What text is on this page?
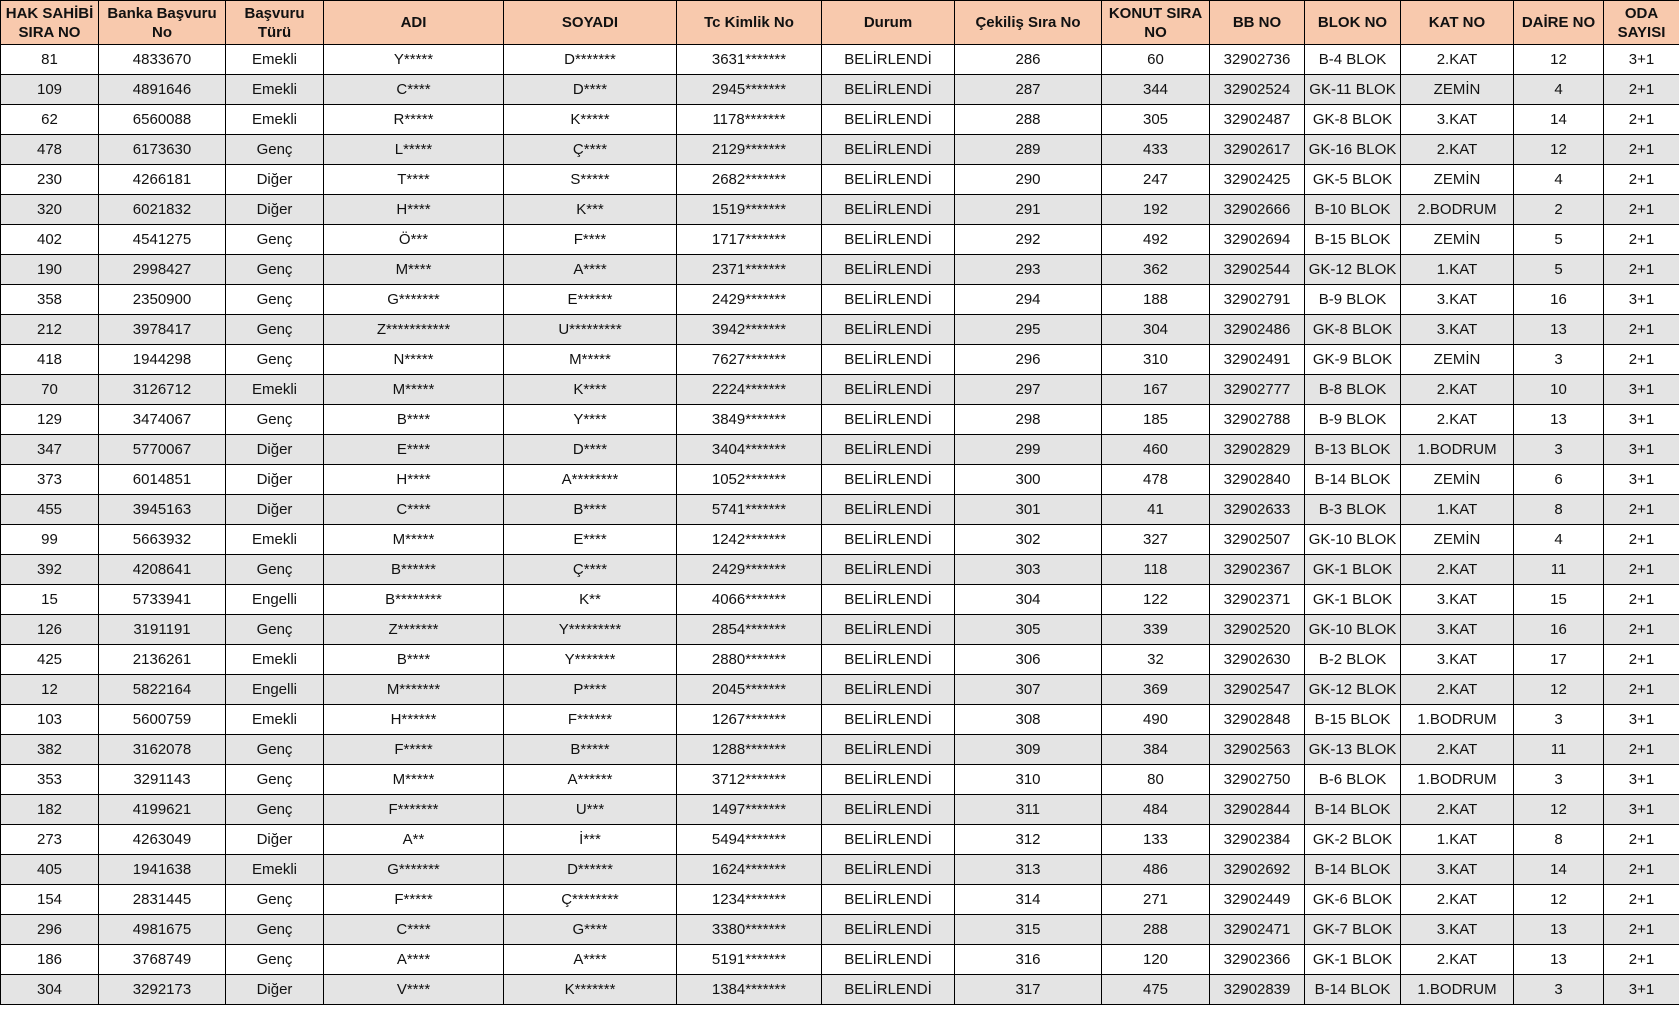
HAK SAHİBİ SIRA NO	Banka Başvuru No	Başvuru Türü	ADI	SOYADI	Tc Kimlik No	Durum	Çekiliş Sıra No	KONUT SIRA NO	BB NO	BLOK NO	KAT NO	DAİRE NO	ODA SAYISI
81	4833670	Emekli	Y*****	D*******	3631*******	BELİRLENDİ	286	60	32902736	B-4 BLOK	2.KAT	12	3+1
109	4891646	Emekli	C****	D****	2945*******	BELİRLENDİ	287	344	32902524	GK-11 BLOK	ZEMİN	4	2+1
62	6560088	Emekli	R*****	K*****	1178*******	BELİRLENDİ	288	305	32902487	GK-8 BLOK	3.KAT	14	2+1
478	6173630	Genç	L*****	Ç****	2129*******	BELİRLENDİ	289	433	32902617	GK-16 BLOK	2.KAT	12	2+1
230	4266181	Diğer	T****	S*****	2682*******	BELİRLENDİ	290	247	32902425	GK-5 BLOK	ZEMİN	4	2+1
320	6021832	Diğer	H****	K***	1519*******	BELİRLENDİ	291	192	32902666	B-10 BLOK	2.BODRUM	2	2+1
402	4541275	Genç	Ö***	F****	1717*******	BELİRLENDİ	292	492	32902694	B-15 BLOK	ZEMİN	5	2+1
190	2998427	Genç	M****	A****	2371*******	BELİRLENDİ	293	362	32902544	GK-12 BLOK	1.KAT	5	2+1
358	2350900	Genç	G*******	E******	2429*******	BELİRLENDİ	294	188	32902791	B-9 BLOK	3.KAT	16	3+1
212	3978417	Genç	Z***********	U*********	3942*******	BELİRLENDİ	295	304	32902486	GK-8 BLOK	3.KAT	13	2+1
418	1944298	Genç	N*****	M*****	7627*******	BELİRLENDİ	296	310	32902491	GK-9 BLOK	ZEMİN	3	2+1
70	3126712	Emekli	M*****	K****	2224*******	BELİRLENDİ	297	167	32902777	B-8 BLOK	2.KAT	10	3+1
129	3474067	Genç	B****	Y****	3849*******	BELİRLENDİ	298	185	32902788	B-9 BLOK	2.KAT	13	3+1
347	5770067	Diğer	E****	D****	3404*******	BELİRLENDİ	299	460	32902829	B-13 BLOK	1.BODRUM	3	3+1
373	6014851	Diğer	H****	A********	1052*******	BELİRLENDİ	300	478	32902840	B-14 BLOK	ZEMİN	6	3+1
455	3945163	Diğer	C****	B****	5741*******	BELİRLENDİ	301	41	32902633	B-3 BLOK	1.KAT	8	2+1
99	5663932	Emekli	M*****	E****	1242*******	BELİRLENDİ	302	327	32902507	GK-10 BLOK	ZEMİN	4	2+1
392	4208641	Genç	B******	Ç****	2429*******	BELİRLENDİ	303	118	32902367	GK-1 BLOK	2.KAT	11	2+1
15	5733941	Engelli	B********	K**	4066*******	BELİRLENDİ	304	122	32902371	GK-1 BLOK	3.KAT	15	2+1
126	3191191	Genç	Z*******	Y*********	2854*******	BELİRLENDİ	305	339	32902520	GK-10 BLOK	3.KAT	16	2+1
425	2136261	Emekli	B****	Y*******	2880*******	BELİRLENDİ	306	32	32902630	B-2 BLOK	3.KAT	17	2+1
12	5822164	Engelli	M*******	P****	2045*******	BELİRLENDİ	307	369	32902547	GK-12 BLOK	2.KAT	12	2+1
103	5600759	Emekli	H******	F******	1267*******	BELİRLENDİ	308	490	32902848	B-15 BLOK	1.BODRUM	3	3+1
382	3162078	Genç	F*****	B*****	1288*******	BELİRLENDİ	309	384	32902563	GK-13 BLOK	2.KAT	11	2+1
353	3291143	Genç	M*****	A******	3712*******	BELİRLENDİ	310	80	32902750	B-6 BLOK	1.BODRUM	3	3+1
182	4199621	Genç	F*******	U***	1497*******	BELİRLENDİ	311	484	32902844	B-14 BLOK	2.KAT	12	3+1
273	4263049	Diğer	A**	İ***	5494*******	BELİRLENDİ	312	133	32902384	GK-2 BLOK	1.KAT	8	2+1
405	1941638	Emekli	G*******	D******	1624*******	BELİRLENDİ	313	486	32902692	B-14 BLOK	3.KAT	14	2+1
154	2831445	Genç	F*****	Ç********	1234*******	BELİRLENDİ	314	271	32902449	GK-6 BLOK	2.KAT	12	2+1
296	4981675	Genç	C****	G****	3380*******	BELİRLENDİ	315	288	32902471	GK-7 BLOK	3.KAT	13	2+1
186	3768749	Genç	A****	A****	5191*******	BELİRLENDİ	316	120	32902366	GK-1 BLOK	2.KAT	13	2+1
304	3292173	Diğer	V****	K*******	1384*******	BELİRLENDİ	317	475	32902839	B-14 BLOK	1.BODRUM	3	3+1
